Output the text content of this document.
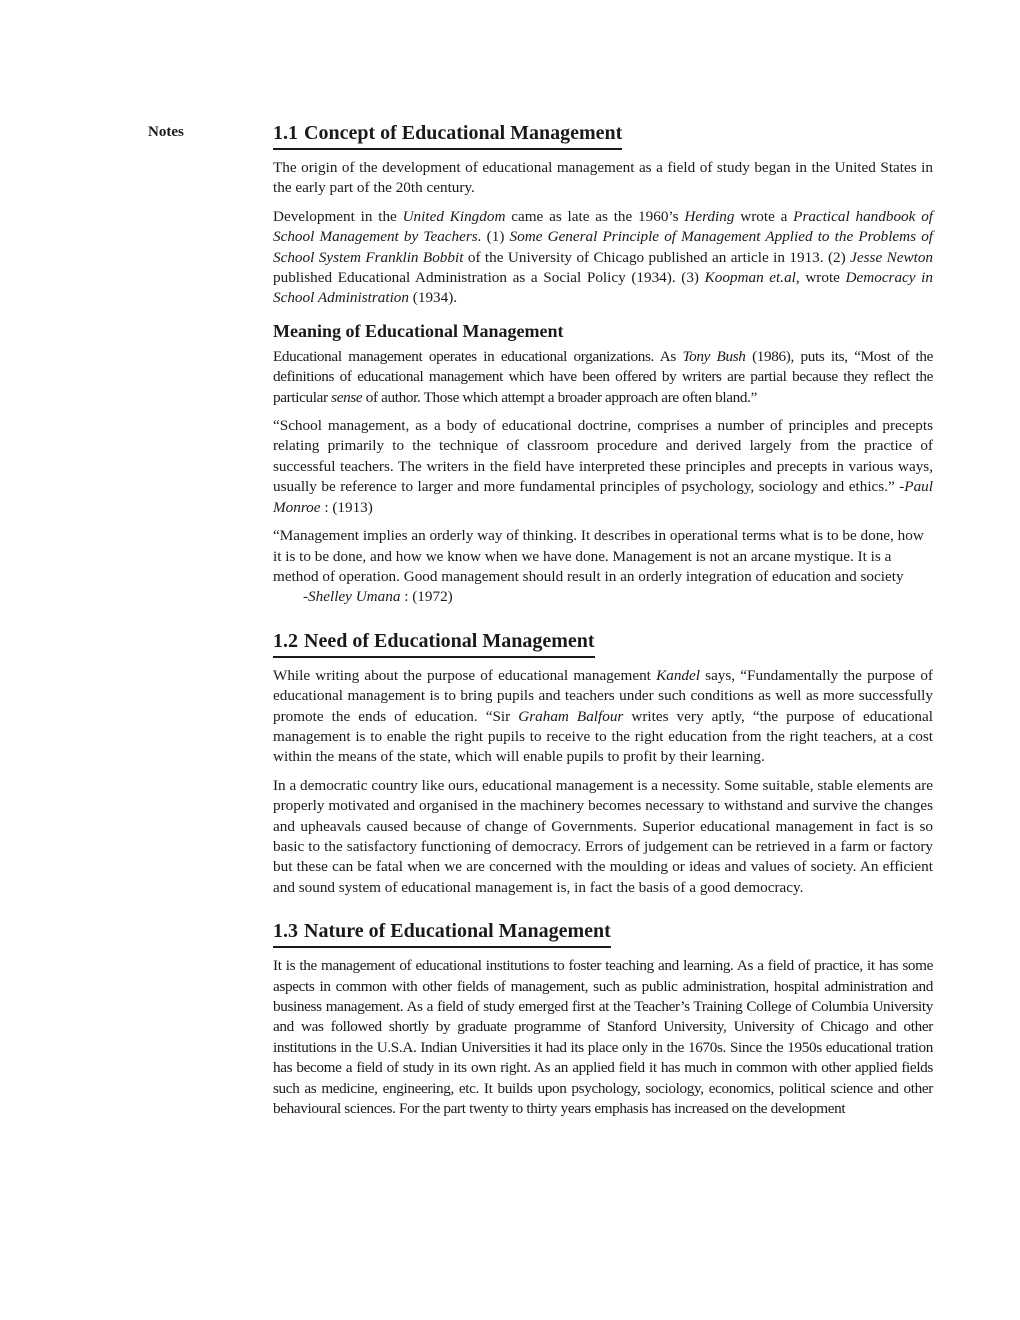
Notes	1.1 Concept of Educational Management

The origin of the development of educational management as a field of study began in the United States in the early part of the 20th century.

Development in the United Kingdom came as late as the 1960’s Herding wrote a Practical handbook of School Management by Teachers. (1) Some General Principle of Management Applied to the Problems of School System Franklin Bobbit of the University of Chicago published an article in 1913. (2) Jesse Newton published Educational Administration as a Social Policy (1934). (3) Koopman et.al, wrote Democracy in School Administration (1934).

Meaning of Educational Management

Educational management operates in educational organizations. As Tony Bush (1986), puts its, “Most of the definitions of educational management which have been offered by writers are partial because they reflect the particular sense of author. Those which attempt a broader approach are often bland.”

“School management, as a body of educational doctrine, comprises a number of principles and precepts relating primarily to the technique of classroom procedure and derived largely from the practice of successful teachers. The writers in the field have interpreted these principles and precepts in various ways, usually be reference to larger and more fundamental principles of psychology, sociology and ethics.” -Paul Monroe : (1913)

“Management implies an orderly way of thinking. It describes in operational terms what is to be done, how it is to be done, and how we know when we have done. Management is not an arcane mystique. It is a method of operation. Good management should result in an orderly integration of education and society-Shelley Umana : (1972)

1.2 Need of Educational Management

While writing about the purpose of educational management Kandel says, “Fundamentally the purpose of educational management is to bring pupils and teachers under such conditions as well as more successfully promote the ends of education. “Sir Graham Balfour writes very aptly, “the purpose of educational management is to enable the right pupils to receive to the right education from the right teachers, at a cost within the means of the state, which will enable pupils to profit by their learning.

In a democratic country like ours, educational management is a necessity. Some suitable, stable elements are properly motivated and organised in the machinery becomes necessary to withstand and survive the changes and upheavals caused because of change of Governments. Superior educational management in fact is so basic to the satisfactory functioning of democracy. Errors of judgement can be retrieved in a farm or factory but these can be fatal when we are concerned with the moulding or ideas and values of society. An efficient and sound system of educational management is, in fact the basis of a good democracy.

1.3 Nature of Educational Management

It is the management of educational institutions to foster teaching and learning. As a field of practice, it has some aspects in common with other fields of management, such as public administration, hospital administration and business management. As a field of study emerged first at the Teacher’s Training College of Columbia University and was followed shortly by graduate programme of Stanford University, University of Chicago and other institutions in the U.S.A. Indian Universities it had its place only in the 1670s. Since the 1950s educational tration has become a field of study in its own right. As an applied field it has much in common with other applied fields such as medicine, engineering, etc. It builds upon psychology, sociology, economics, political science and other behavioural sciences. For the part twenty to thirty years emphasis has increased on the development
